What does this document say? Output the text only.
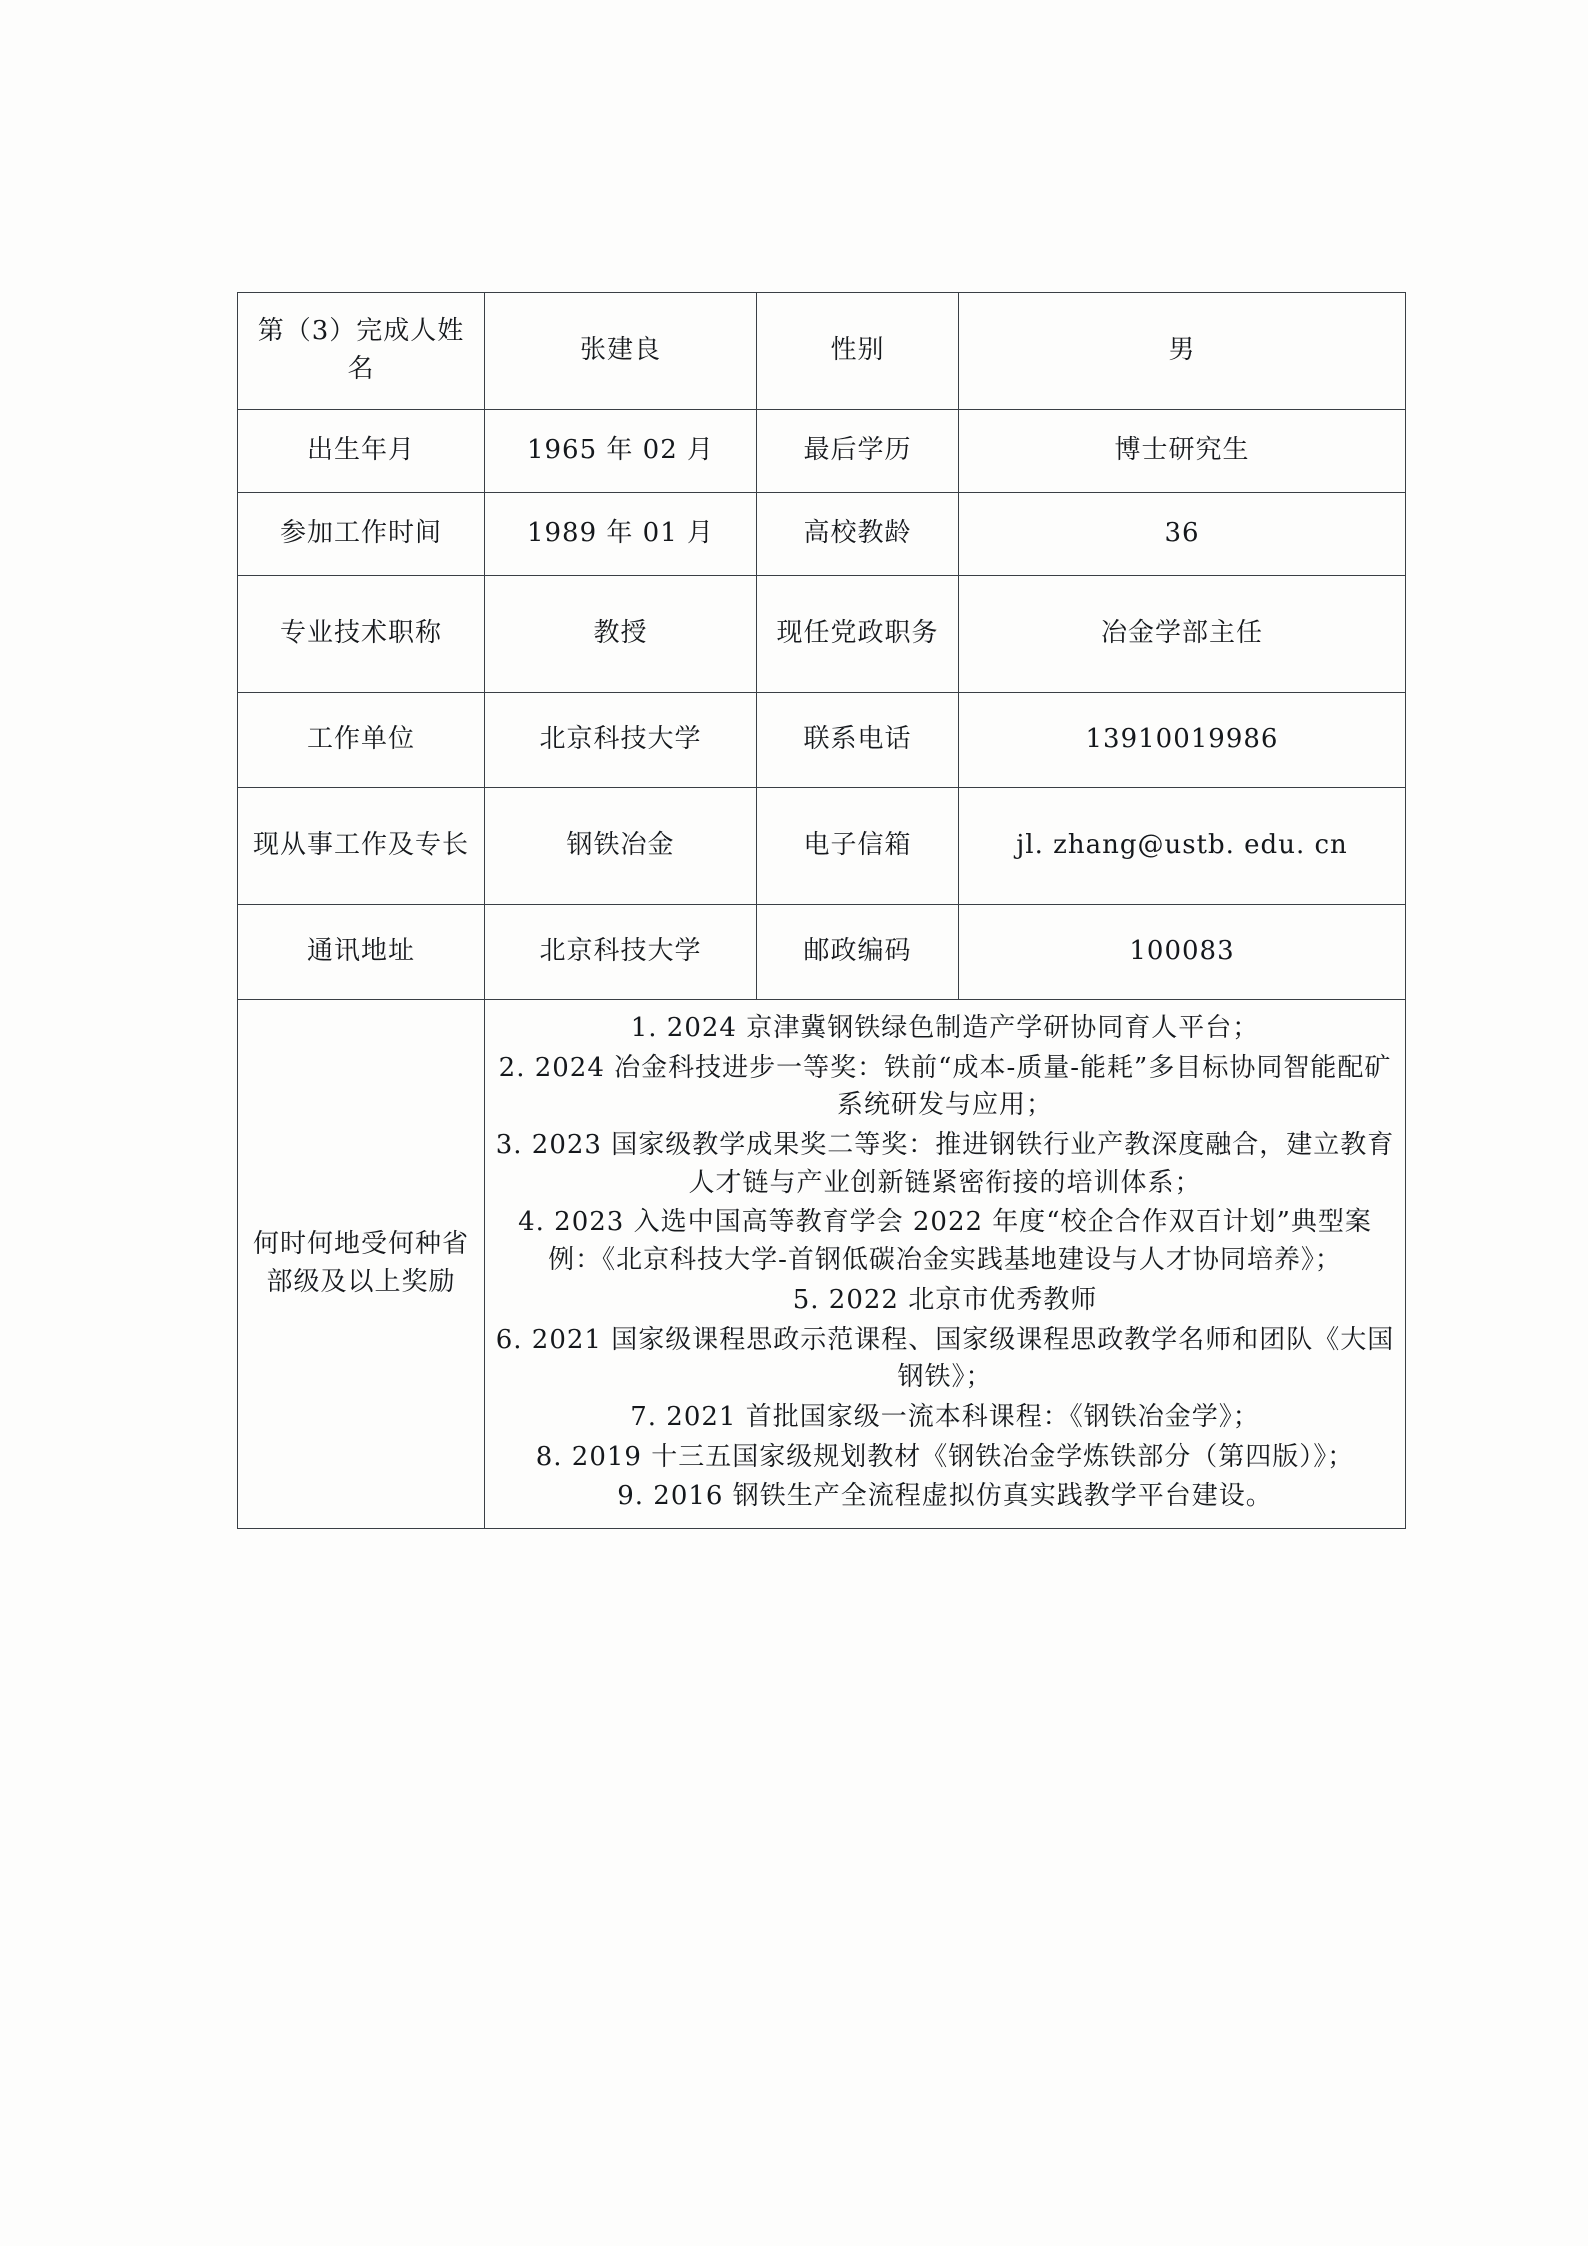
第（3）完成人姓名	张建良	性别	男
出生年月	1965 年 02 月	最后学历	博士研究生
参加工作时间	1989 年 01 月	高校教龄	36
专业技术职称	教授	现任党政职务	冶金学部主任
工作单位	北京科技大学	联系电话	13910019986
现从事工作及专长	钢铁冶金	电子信箱	jl. zhang@ustb. edu. cn
通讯地址	北京科技大学	邮政编码	100083
何时何地受何种省部级及以上奖励	
1. 2024 京津冀钢铁绿色制造产学研协同育人平台；
2. 2024 冶金科技进步一等奖：铁前“成本-质量-能耗”多目标协同智能配矿系统研发与应用；
3. 2023 国家级教学成果奖二等奖：推进钢铁行业产教深度融合，建立教育人才链与产业创新链紧密衔接的培训体系；
4. 2023 入选中国高等教育学会 2022 年度“校企合作双百计划”典型案例：《北京科技大学-首钢低碳冶金实践基地建设与人才协同培养》；
5. 2022 北京市优秀教师
6. 2021 国家级课程思政示范课程、国家级课程思政教学名师和团队《大国钢铁》；
7. 2021 首批国家级一流本科课程：《钢铁冶金学》；
8. 2019 十三五国家级规划教材《钢铁冶金学炼铁部分（第四版）》；
9. 2016 钢铁生产全流程虚拟仿真实践教学平台建设。
